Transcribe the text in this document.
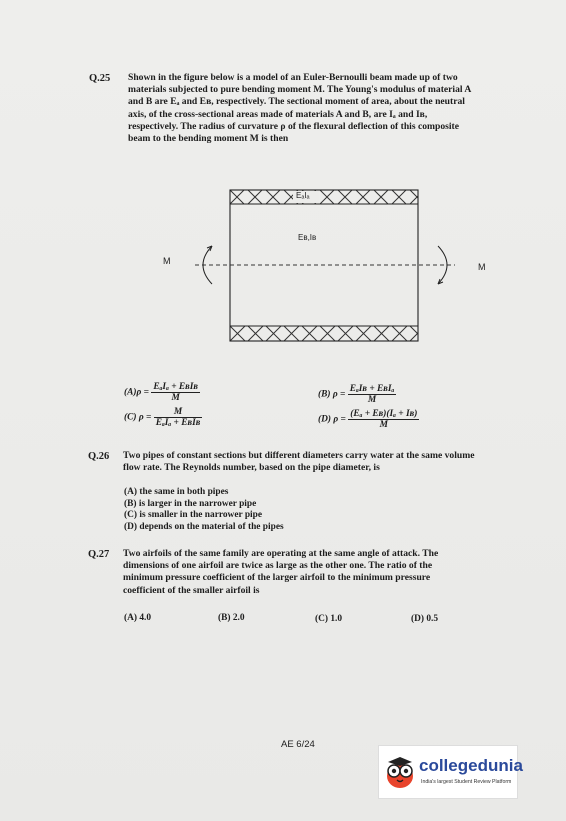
Q.25 Shown in the figure below is a model of an Euler-Bernoulli beam made up of two
materials subjected to pure bending moment M. The Young's modulus of material A
and B are Eₐ and Eʙ, respectively. The sectional moment of area, about the neutral
axis, of the cross-sectional areas made of materials A and B, are Iₐ and Iʙ,
respectively. The radius of curvature ρ of the flexural deflection of this composite
beam to the bending moment M is then
EₐIₐ
Eʙ,Iʙ
M
M
$(A)\rho = \frac{\text{EₐIₐ + EʙIʙ}}{M}$	(B) $\rho = \frac{\text{EₐIʙ + EʙIₐ}}{M}$
(C) $\rho = \frac{M}{\text{EₐIₐ + EʙIʙ}}$	(D) $\rho = \frac{\text{(Eₐ + Eʙ)(Iₐ + Iʙ)}}{M}$
Q.26 Two pipes of constant sections but different diameters carry water at the same volume
flow rate. The Reynolds number, based on the pipe diameter, is
(A) the same in both pipes
(B) is larger in the narrower pipe
(C) is smaller in the narrower pipe
(D) depends on the material of the pipes
Q.27 Two airfoils of the same family are operating at the same angle of attack. The
dimensions of one airfoil are twice as large as the other one. The ratio of the
minimum pressure coefficient of the larger airfoil to the minimum pressure
coefficient of the smaller airfoil is
(A) 4.0	(B) 2.0	(C) 1.0	(D) 0.5
AE 6/24
collegedunia
India's largest Student Review Platform
